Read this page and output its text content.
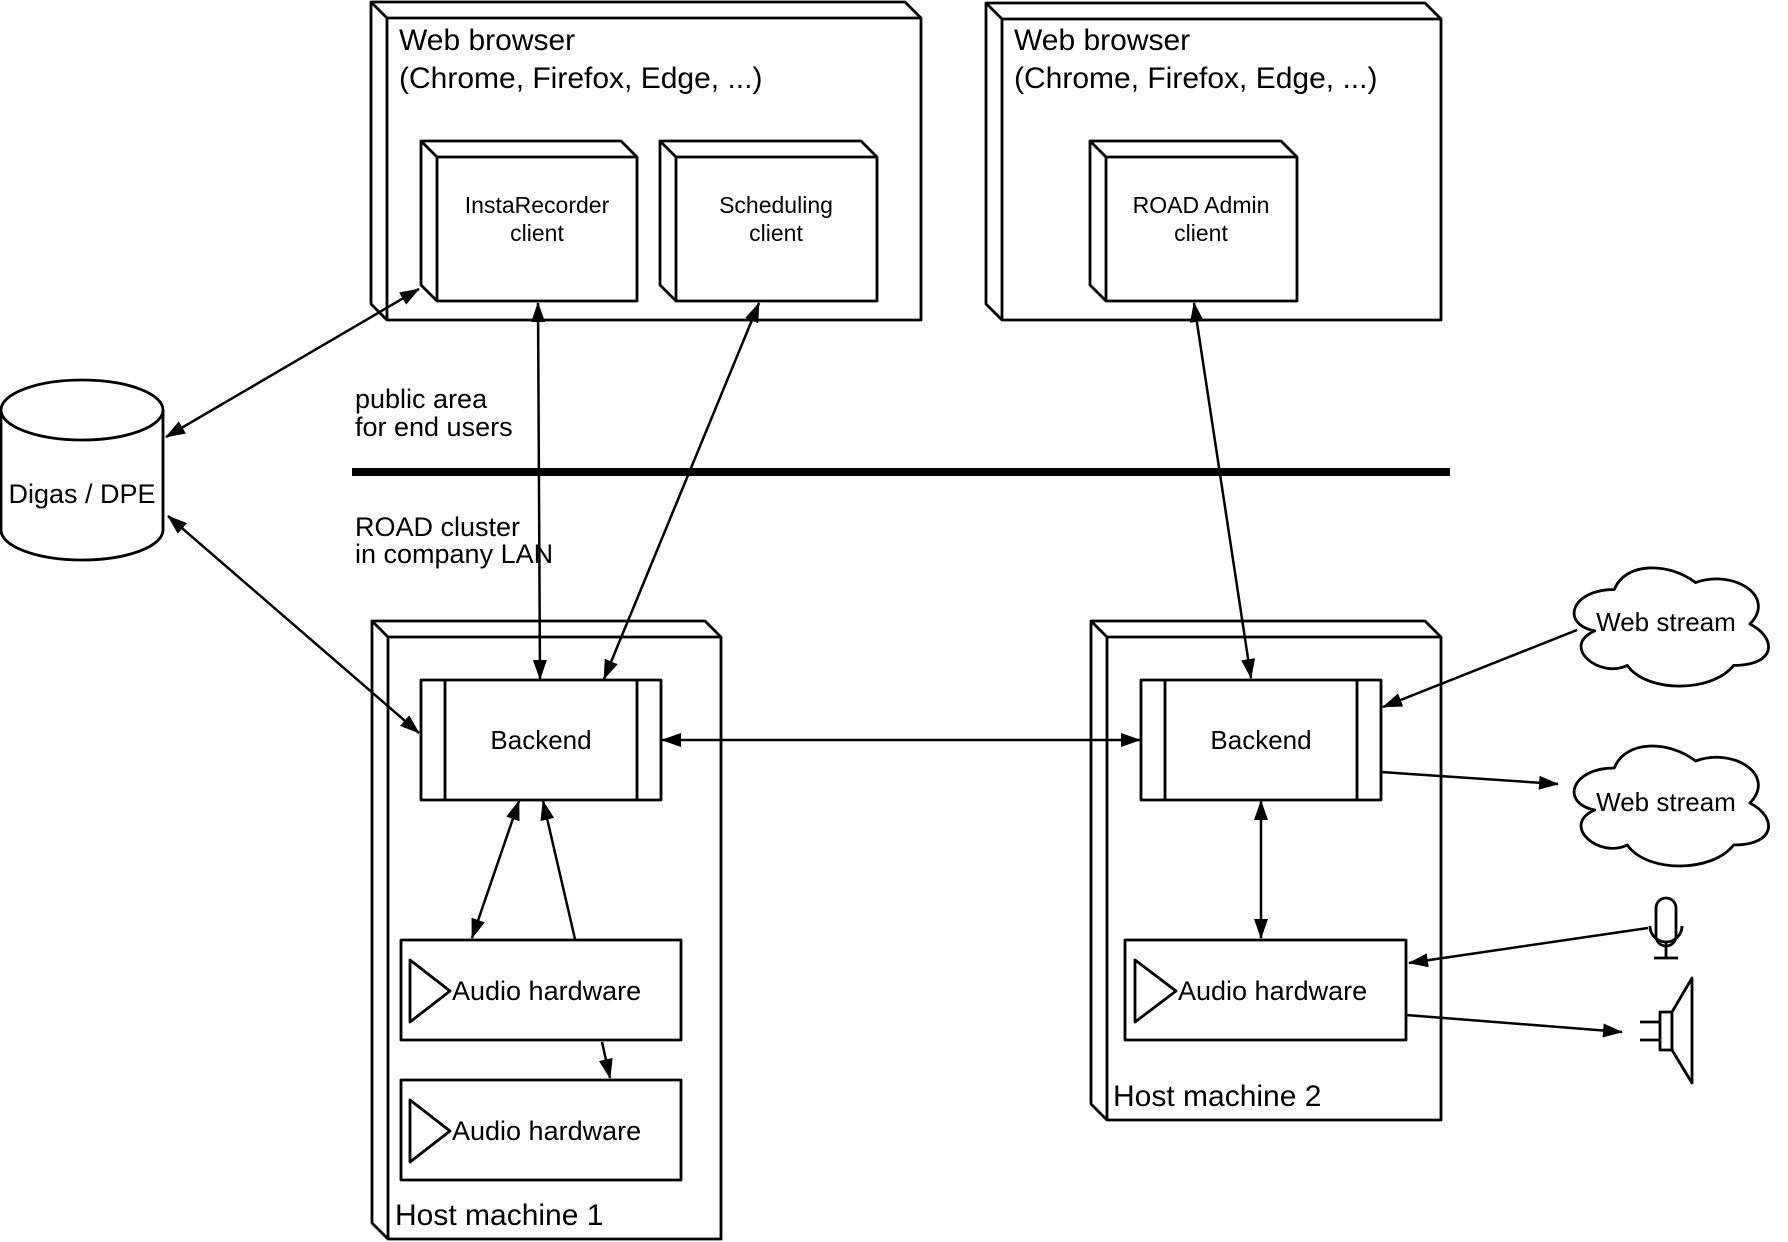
Web browser
(Chrome, Firefox, Edge, ...)
InstaRecorder
client
Scheduling
client
Web browser
(Chrome, Firefox, Edge, ...)
ROAD Admin
client
Digas / DPE
public area
for end users
ROAD cluster
in company LAN
Host machine 1
Host machine 2
Backend	Backend
Audio hardware
Audio hardware
Audio hardware
Web stream
Web stream
